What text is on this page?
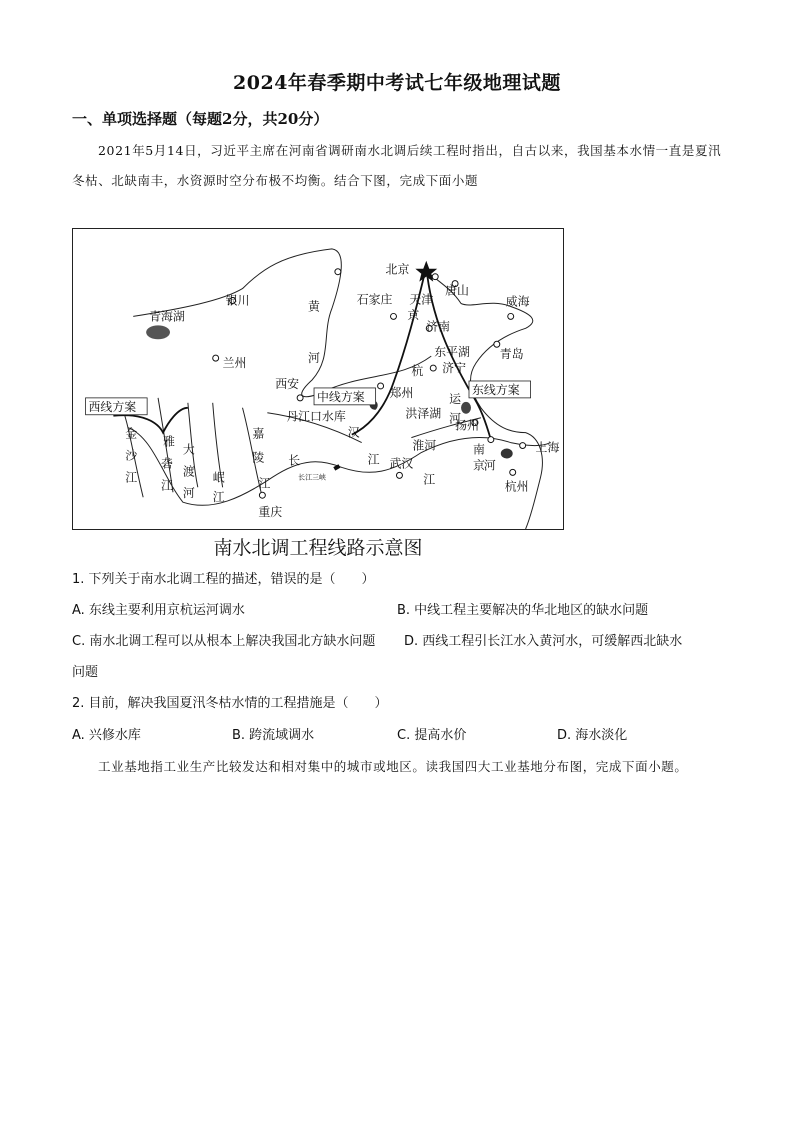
2024年春季期中考试七年级地理试题
一、单项选择题（每题2分，共20分）
2021年5月14日，习近平主席在河南省调研南水北调后续工程时指出，自古以来，我国基本水情一直是夏汛冬枯、北缺南丰，水资源时空分布极不均衡。结合下图，完成下面小题
西线方案
中线方案	东线方案
北京
天津
唐山
威海
石家庄
京
济南
青岛
东平湖
杭 济宁
运
河
洪泽湖
扬州
上海
南
京 河
杭州
淮河
武汉
江
江
长
长江三峡
重庆
郑州
汉
丹江口水库
西安
黄
河
银川
兰州
青海湖
金
沙
江
雅
砻
江
大
渡
河
岷
江
嘉
陵
江
南水北调工程线路示意图
1. 下列关于南水北调工程的描述，错误的是（　　）
A. 东线主要利用京杭运河调水	B. 中线工程主要解决的华北地区的缺水问题
C. 南水北调工程可以从根本上解决我国北方缺水问题 D. 西线工程引长江水入黄河水，可缓解西北缺水
问题
2. 目前，解决我国夏汛冬枯水情的工程措施是（　　）
A. 兴修水库	B. 跨流域调水	C. 提高水价	D. 海水淡化
工业基地指工业生产比较发达和相对集中的城市或地区。读我国四大工业基地分布图，完成下面小题。
